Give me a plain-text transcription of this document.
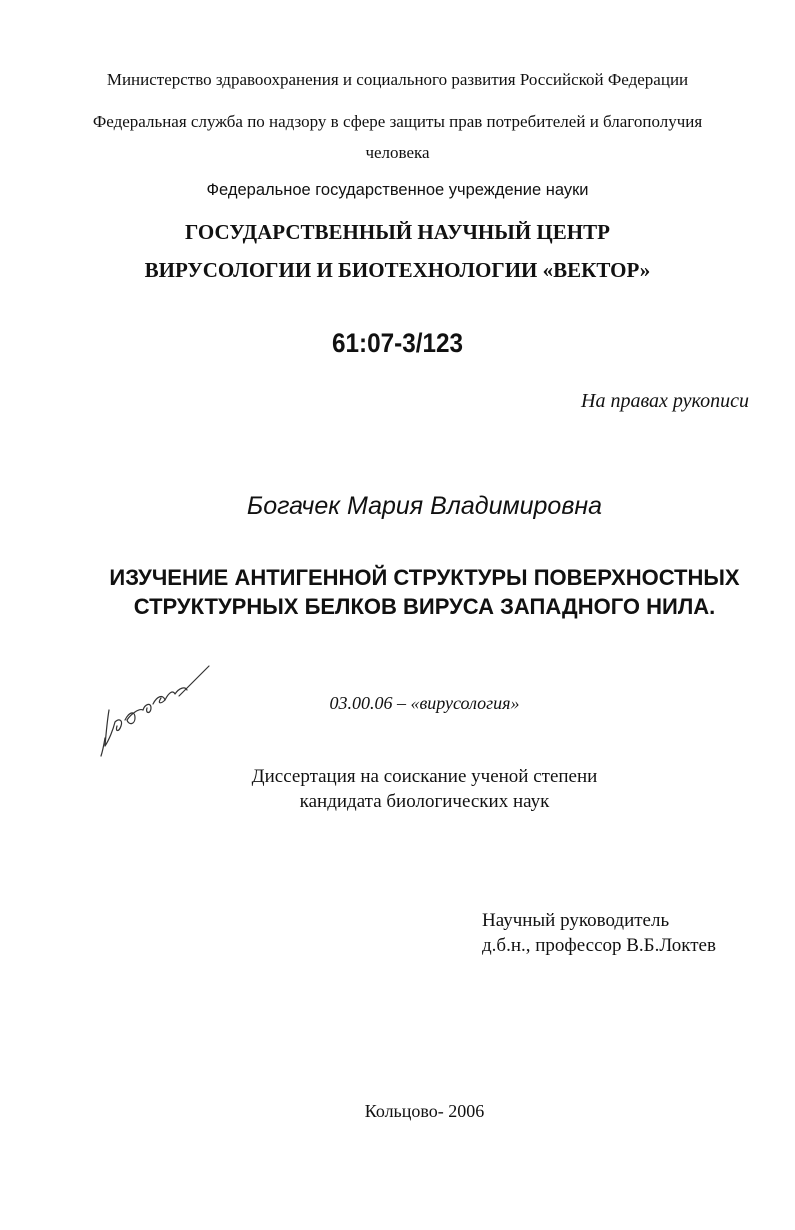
Министерство здравоохранения и социального развития Российской Федерации
Федеральная служба по надзору в сфере защиты прав потребителей и благополучия
человека
Федеральное государственное учреждение науки
ГОСУДАРСТВЕННЫЙ НАУЧНЫЙ ЦЕНТР
ВИРУСОЛОГИИ И БИОТЕХНОЛОГИИ «ВЕКТОР»
61:07-3/123
На правах рукописи
Богачек Мария Владимировна
ИЗУЧЕНИЕ АНТИГЕННОЙ СТРУКТУРЫ ПОВЕРХНОСТНЫХ
СТРУКТУРНЫХ БЕЛКОВ ВИРУСА ЗАПАДНОГО НИЛА.
03.00.06 – «вирусология»
Диссертация на соискание ученой степени
кандидата биологических наук
Научный руководитель
д.б.н., профессор В.Б.Локтев
Кольцово- 2006
